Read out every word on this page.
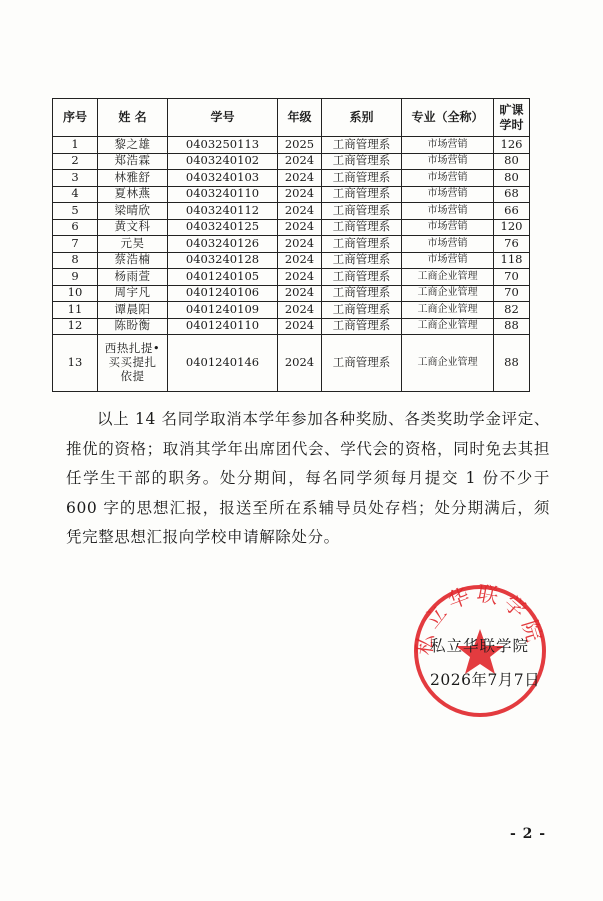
序号	姓 名	学号	年级	系别	专业（全称）	旷课学时
1	黎之雄	0403250113	2025	工商管理系	市场营销	126
2	郑浩霖	0403240102	2024	工商管理系	市场营销	80
3	林雅舒	0403240103	2024	工商管理系	市场营销	80
4	夏林燕	0403240110	2024	工商管理系	市场营销	68
5	梁晴欣	0403240112	2024	工商管理系	市场营销	66
6	黄文科	0403240125	2024	工商管理系	市场营销	120
7	元昊	0403240126	2024	工商管理系	市场营销	76
8	蔡浩楠	0403240128	2024	工商管理系	市场营销	118
9	杨雨萱	0401240105	2024	工商管理系	工商企业管理	70
10	周宇凡	0401240106	2024	工商管理系	工商企业管理	70
11	谭晨阳	0401240109	2024	工商管理系	工商企业管理	82
12	陈盼衡	0401240110	2024	工商管理系	工商企业管理	88
13	西热扎提•买买提扎依提	0401240146	2024	工商管理系	工商企业管理	88

以上 14 名同学取消本学年参加各种奖励、各类奖助学金评定、推优的资格；取消其学年出席团代会、学代会的资格，同时免去其担任学生干部的职务。处分期间，每名同学须每月提交 1 份不少于 600 字的思想汇报，报送至所在系辅导员处存档；处分期满后，须凭完整思想汇报向学校申请解除处分。

私立华联学院
私立华联学院
2026年7月7日
- 2 -
